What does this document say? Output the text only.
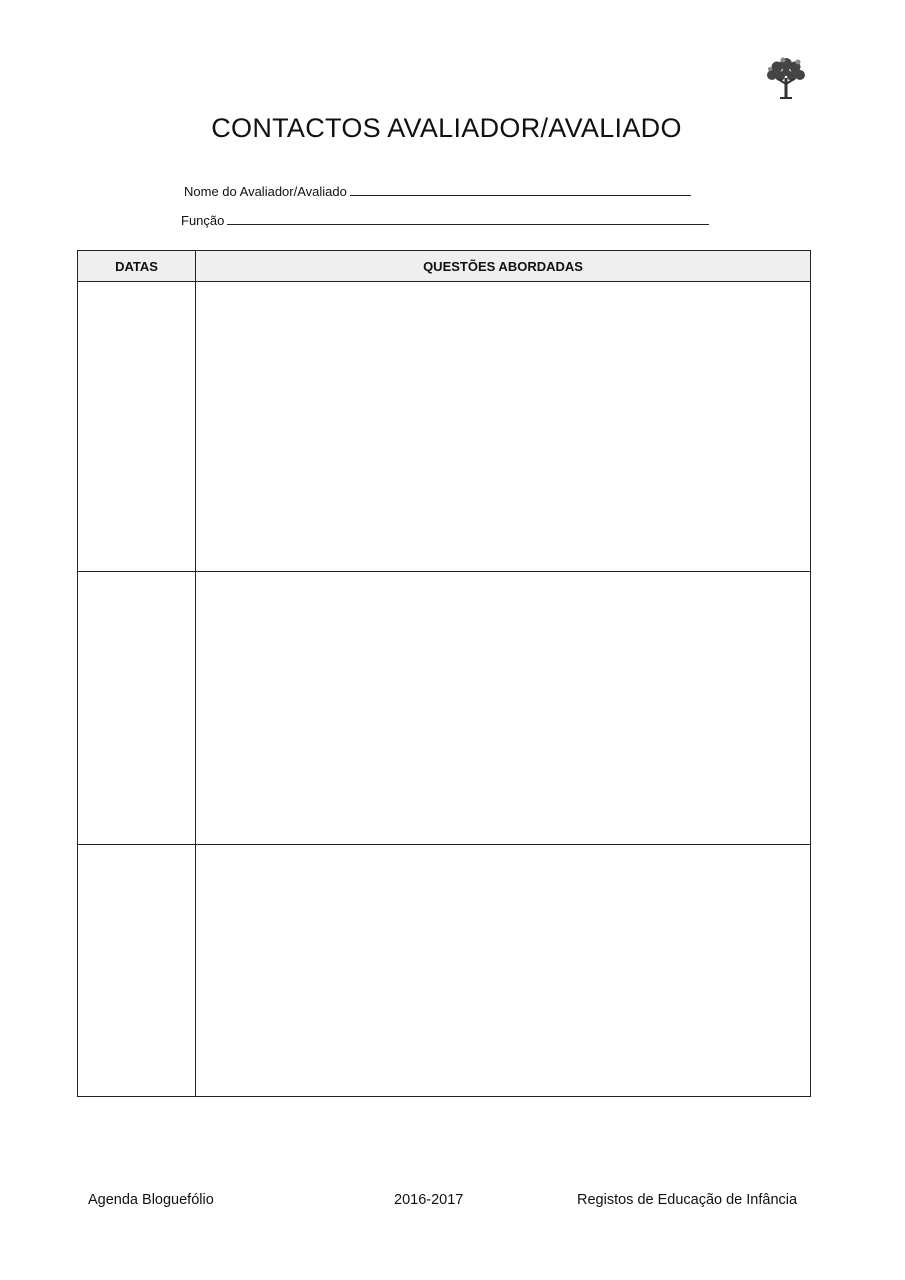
CONTACTOS AVALIADOR/AVALIADO
Nome do Avaliador/Avaliado
Função
DATAS	QUESTÕES ABORDADAS

Agenda Bloguefólio	2016-2017	Registos de Educação de Infância
